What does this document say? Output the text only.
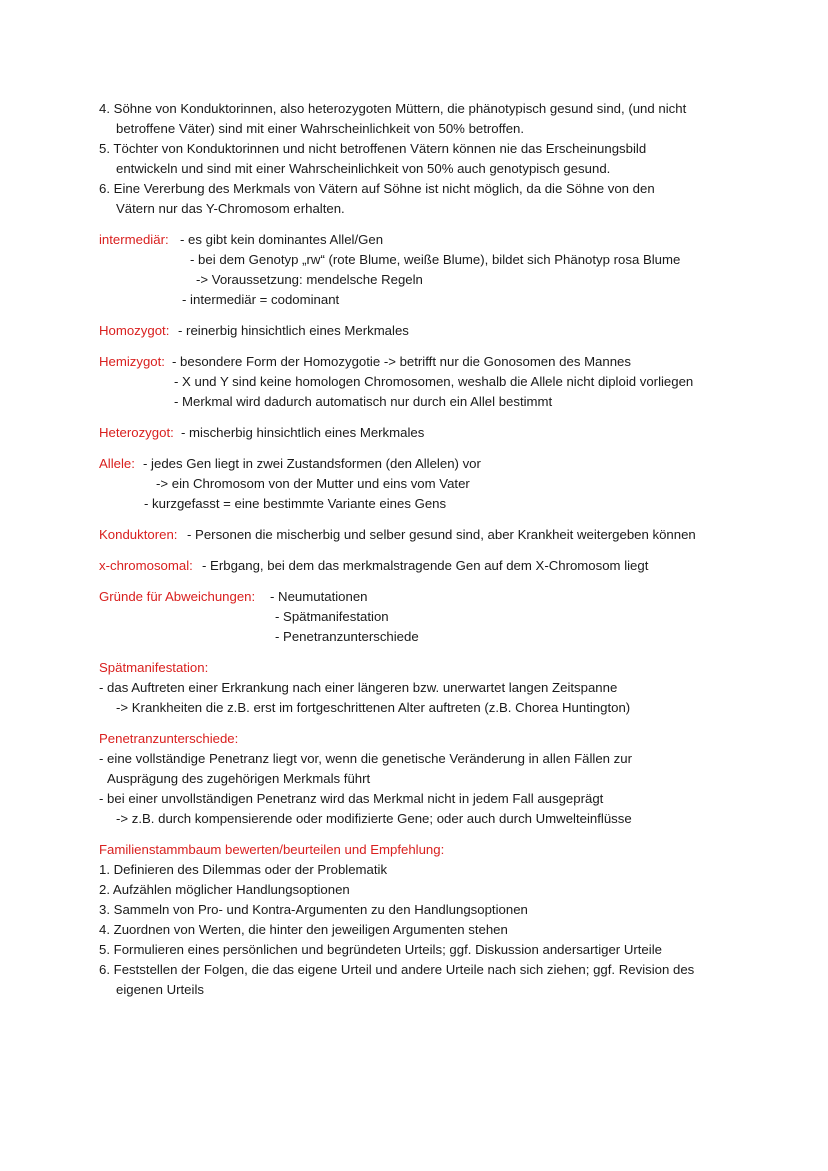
4. Söhne von Konduktorinnen, also heterozygoten Müttern, die phänotypisch gesund sind, (und nicht
betroffene Väter) sind mit einer Wahrscheinlichkeit von 50% betroffen.
5. Töchter von Konduktorinnen und nicht betroffenen Vätern können nie das Erscheinungsbild
entwickeln und sind mit einer Wahrscheinlichkeit von 50% auch genotypisch gesund.
6. Eine Vererbung des Merkmals von Vätern auf Söhne ist nicht möglich, da die Söhne von den
Vätern nur das Y-Chromosom erhalten.
intermediär: - es gibt kein dominantes Allel/Gen
- bei dem Genotyp „rw“ (rote Blume, weiße Blume), bildet sich Phänotyp rosa Blume
-> Voraussetzung: mendelsche Regeln
- intermediär = codominant
Homozygot: - reinerbig hinsichtlich eines Merkmales
Hemizygot: - besondere Form der Homozygotie -> betrifft nur die Gonosomen des Mannes
- X und Y sind keine homologen Chromosomen, weshalb die Allele nicht diploid vorliegen
- Merkmal wird dadurch automatisch nur durch ein Allel bestimmt
Heterozygot: - mischerbig hinsichtlich eines Merkmales
Allele: - jedes Gen liegt in zwei Zustandsformen (den Allelen) vor
-> ein Chromosom von der Mutter und eins vom Vater
- kurzgefasst = eine bestimmte Variante eines Gens
Konduktoren: - Personen die mischerbig und selber gesund sind, aber Krankheit weitergeben können
x-chromosomal: - Erbgang, bei dem das merkmalstragende Gen auf dem X-Chromosom liegt
Gründe für Abweichungen: - Neumutationen
- Spätmanifestation
- Penetranzunterschiede
Spätmanifestation:
- das Auftreten einer Erkrankung nach einer längeren bzw. unerwartet langen Zeitspanne
-> Krankheiten die z.B. erst im fortgeschrittenen Alter auftreten (z.B. Chorea Huntington)
Penetranzunterschiede:
- eine vollständige Penetranz liegt vor, wenn die genetische Veränderung in allen Fällen zur
Ausprägung des zugehörigen Merkmals führt
- bei einer unvollständigen Penetranz wird das Merkmal nicht in jedem Fall ausgeprägt
-> z.B. durch kompensierende oder modifizierte Gene; oder auch durch Umwelteinflüsse
Familienstammbaum bewerten/beurteilen und Empfehlung:
1. Definieren des Dilemmas oder der Problematik
2. Aufzählen möglicher Handlungsoptionen
3. Sammeln von Pro- und Kontra-Argumenten zu den Handlungsoptionen
4. Zuordnen von Werten, die hinter den jeweiligen Argumenten stehen
5. Formulieren eines persönlichen und begründeten Urteils; ggf. Diskussion andersartiger Urteile
6. Feststellen der Folgen, die das eigene Urteil und andere Urteile nach sich ziehen; ggf. Revision des
eigenen Urteils
